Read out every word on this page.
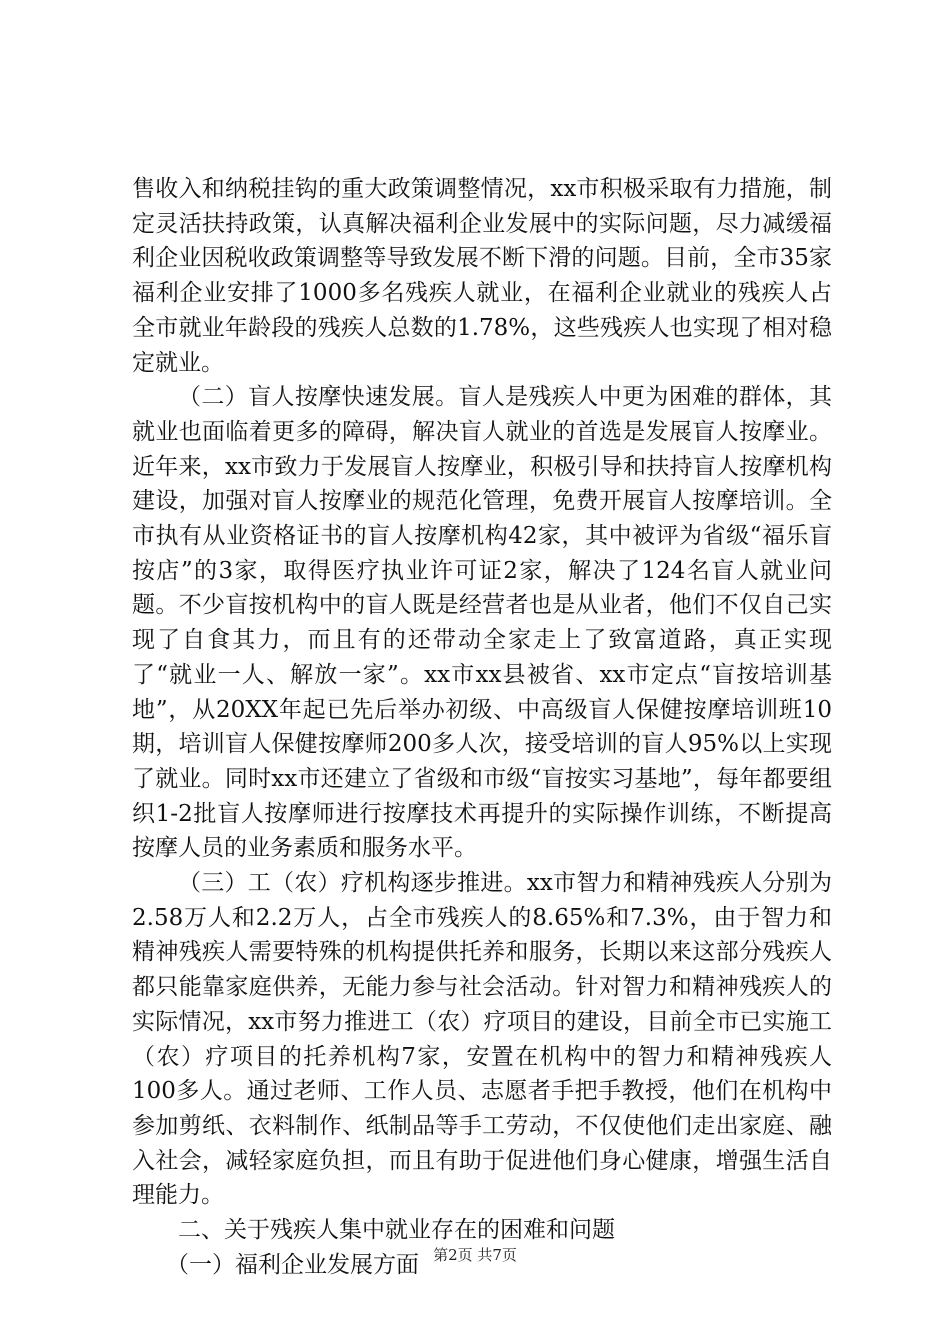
售收入和纳税挂钩的重大政策调整情况，xx市积极采取有力措施，制定灵活扶持政策，认真解决福利企业发展中的实际问题，尽力减缓福利企业因税收政策调整等导致发展不断下滑的问题。目前，全市35家福利企业安排了1000多名残疾人就业，在福利企业就业的残疾人占全市就业年龄段的残疾人总数的1.78%，这些残疾人也实现了相对稳定就业。

（二）盲人按摩快速发展。盲人是残疾人中更为困难的群体，其就业也面临着更多的障碍，解决盲人就业的首选是发展盲人按摩业。近年来，xx市致力于发展盲人按摩业，积极引导和扶持盲人按摩机构建设，加强对盲人按摩业的规范化管理，免费开展盲人按摩培训。全市执有从业资格证书的盲人按摩机构42家，其中被评为省级“福乐盲按店”的3家，取得医疗执业许可证2家，解决了124名盲人就业问题。不少盲按机构中的盲人既是经营者也是从业者，他们不仅自己实现了自食其力，而且有的还带动全家走上了致富道路，真正实现了“就业一人、解放一家”。xx市xx县被省、xx市定点“盲按培训基地”，从20XX年起已先后举办初级、中高级盲人保健按摩培训班10期，培训盲人保健按摩师200多人次，接受培训的盲人95%以上实现了就业。同时xx市还建立了省级和市级“盲按实习基地”，每年都要组织1-2批盲人按摩师进行按摩技术再提升的实际操作训练，不断提高按摩人员的业务素质和服务水平。

（三）工（农）疗机构逐步推进。xx市智力和精神残疾人分别为2.58万人和2.2万人，占全市残疾人的8.65%和7.3%，由于智力和精神残疾人需要特殊的机构提供托养和服务，长期以来这部分残疾人都只能靠家庭供养，无能力参与社会活动。针对智力和精神残疾人的实际情况，xx市努力推进工（农）疗项目的建设，目前全市已实施工（农）疗项目的托养机构7家，安置在机构中的智力和精神残疾人100多人。通过老师、工作人员、志愿者手把手教授，他们在机构中参加剪纸、衣料制作、纸制品等手工劳动，不仅使他们走出家庭、融入社会，减轻家庭负担，而且有助于促进他们身心健康，增强生活自理能力。

二、关于残疾人集中就业存在的困难和问题

（一）福利企业发展方面 第2页 共7页
